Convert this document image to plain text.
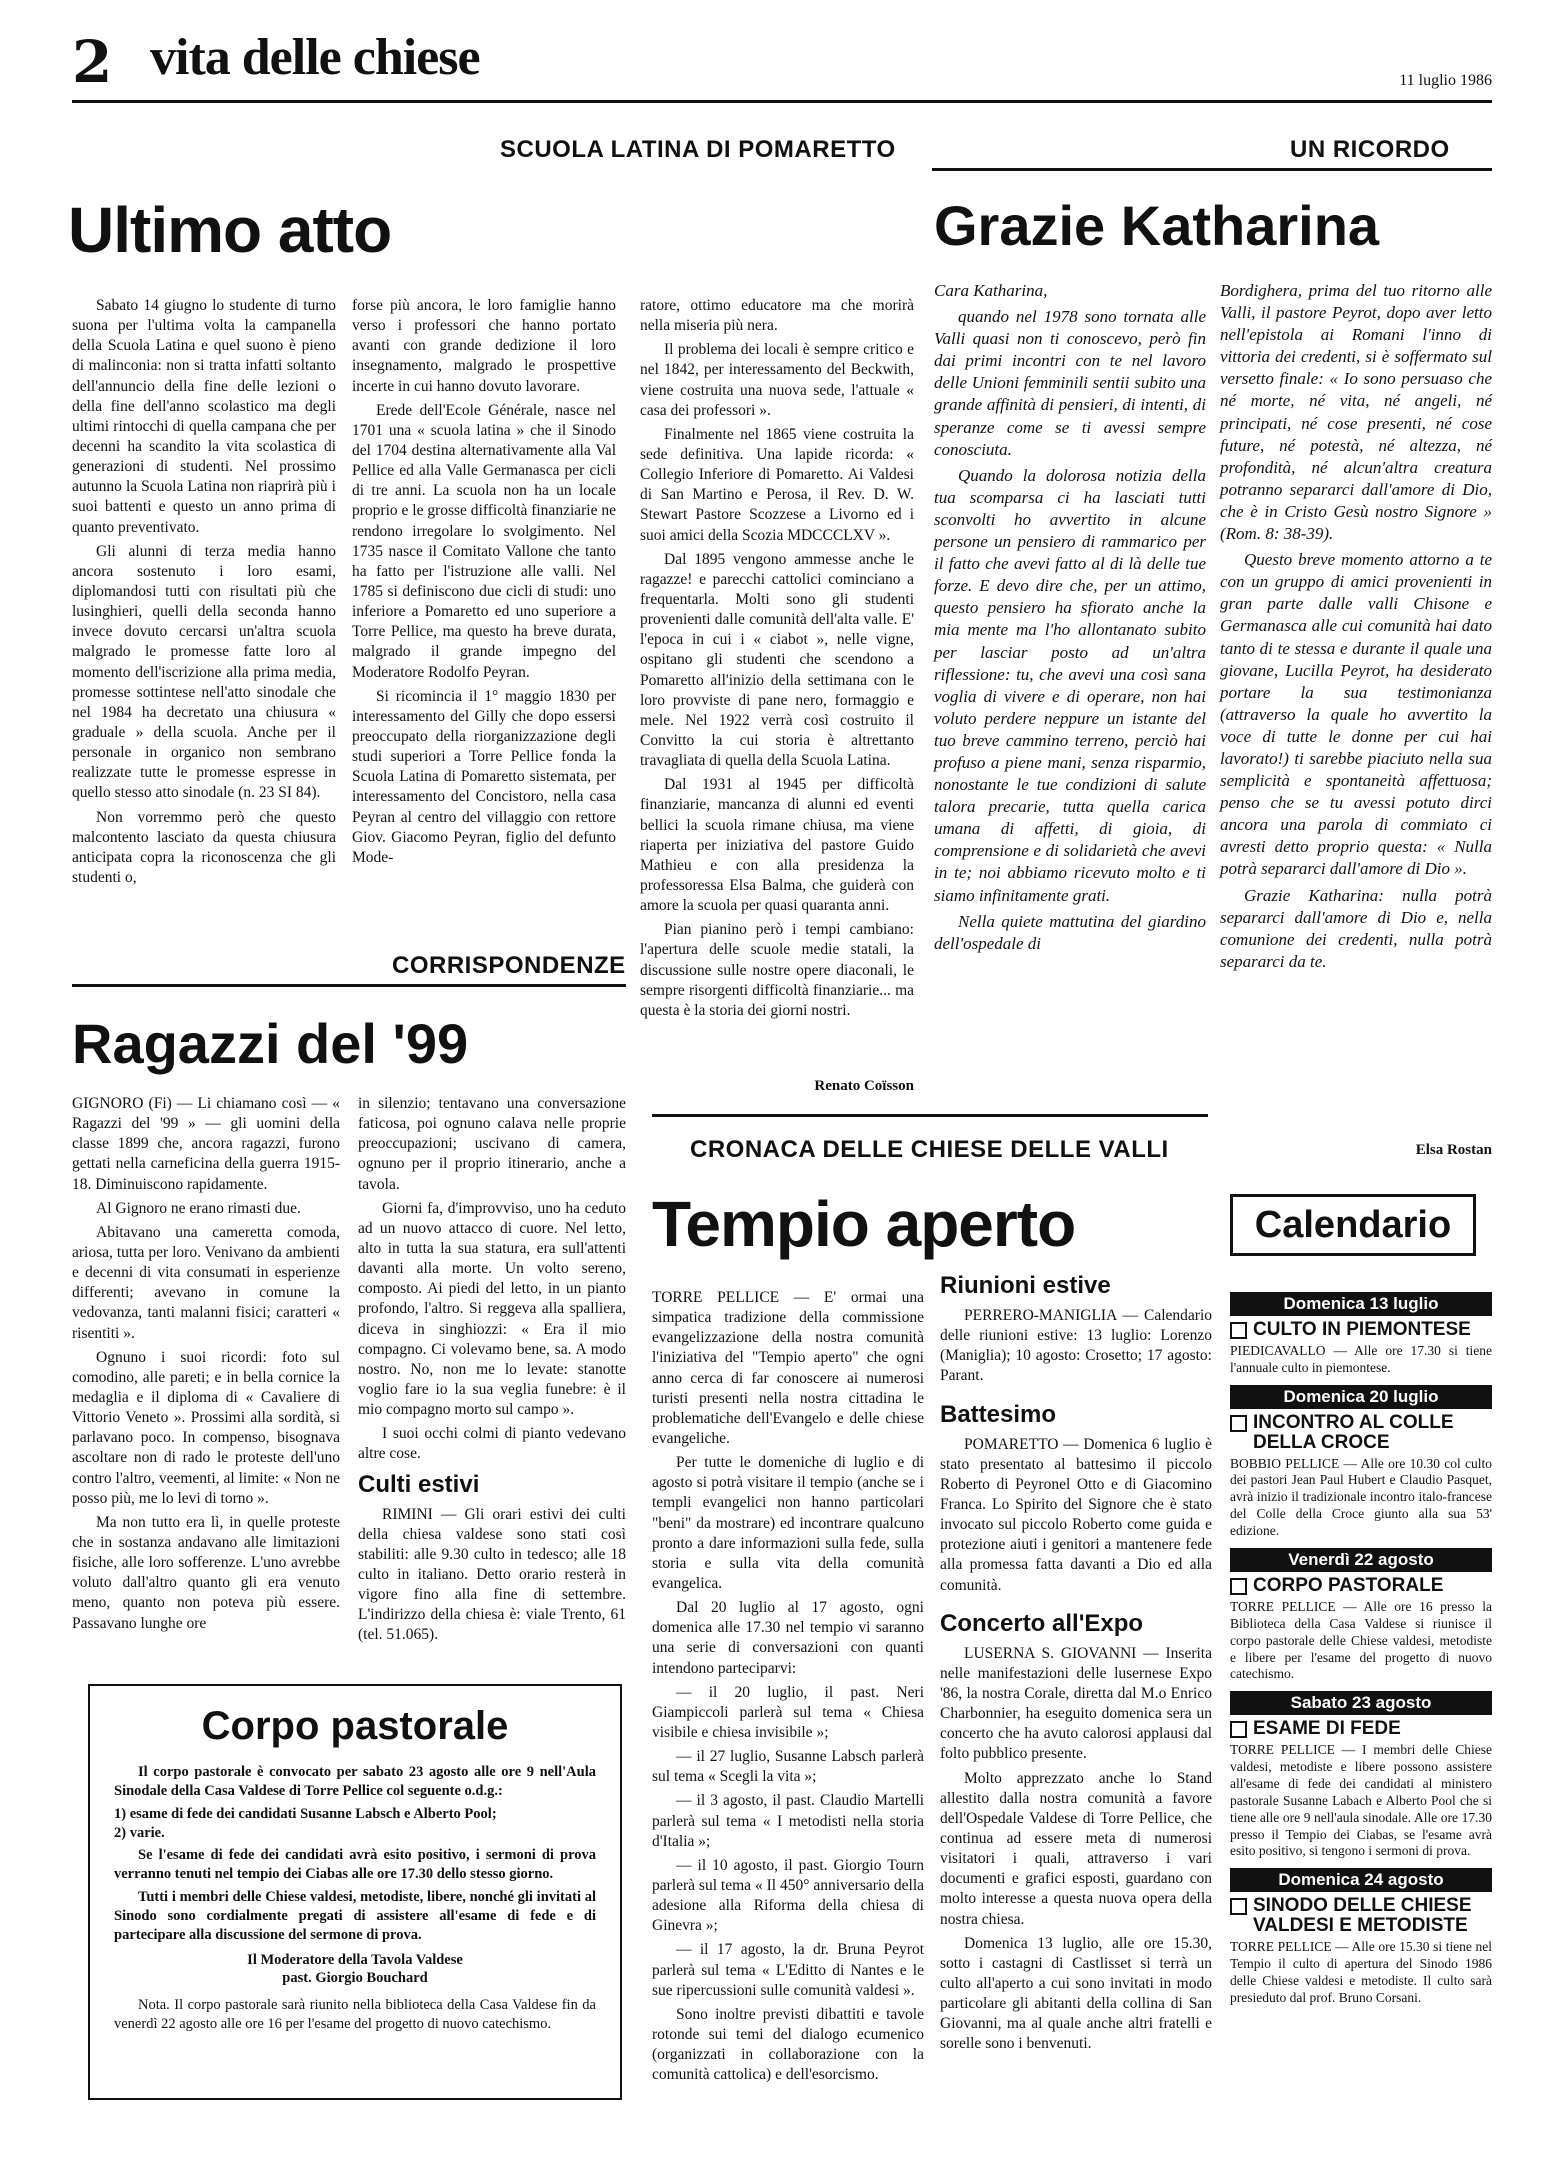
2 vita delle chiese	11 luglio 1986
SCUOLA LATINA DI POMARETTO
Ultimo atto

Sabato 14 giugno lo studente di turno suona per l'ultima volta la campanella della Scuola Latina e quel suono è pieno di malinconia: non si tratta infatti soltanto dell'annuncio della fine delle lezioni o della fine dell'anno scolastico ma degli ultimi rintocchi di quella campana che per decenni ha scandito la vita scolastica di generazioni di studenti. Nel prossimo autunno la Scuola Latina non riaprirà più i suoi battenti e questo un anno prima di quanto preventivato.

Gli alunni di terza media hanno ancora sostenuto i loro esami, diplomandosi tutti con risultati più che lusinghieri, quelli della seconda hanno invece dovuto cercarsi un'altra scuola malgrado le promesse fatte loro al momento dell'iscrizione alla prima media, promesse sottintese nell'atto sinodale che nel 1984 ha decretato una chiusura « graduale » della scuola. Anche per il personale in organico non sembrano realizzate tutte le promesse espresse in quello stesso atto sinodale (n. 23 SI 84).

Non vorremmo però che questo malcontento lasciato da questa chiusura anticipata copra la riconoscenza che gli studenti o,

forse più ancora, le loro famiglie hanno verso i professori che hanno portato avanti con grande dedizione il loro insegnamento, malgrado le prospettive incerte in cui hanno dovuto lavorare.

Erede dell'Ecole Générale, nasce nel 1701 una « scuola latina » che il Sinodo del 1704 destina alternativamente alla Val Pellice ed alla Valle Germanasca per cicli di tre anni. La scuola non ha un locale proprio e le grosse difficoltà finanziarie ne rendono irregolare lo svolgimento. Nel 1735 nasce il Comitato Vallone che tanto ha fatto per l'istruzione alle valli. Nel 1785 si definiscono due cicli di studi: uno inferiore a Pomaretto ed uno superiore a Torre Pellice, ma questo ha breve durata, malgrado il grande impegno del Moderatore Rodolfo Peyran.

Si ricomincia il 1° maggio 1830 per interessamento del Gilly che dopo essersi preoccupato della riorganizzazione degli studi superiori a Torre Pellice fonda la Scuola Latina di Pomaretto sistemata, per interessamento del Concistoro, nella casa Peyran al centro del villaggio con rettore Giov. Giacomo Peyran, figlio del defunto Mode-

ratore, ottimo educatore ma che morirà nella miseria più nera.

Il problema dei locali è sempre critico e nel 1842, per interessamento del Beckwith, viene costruita una nuova sede, l'attuale « casa dei professori ».

Finalmente nel 1865 viene costruita la sede definitiva. Una lapide ricorda: « Collegio Inferiore di Pomaretto. Ai Valdesi di San Martino e Perosa, il Rev. D. W. Stewart Pastore Scozzese a Livorno ed i suoi amici della Scozia MDCCCLXV ».

Dal 1895 vengono ammesse anche le ragazze! e parecchi cattolici cominciano a frequentarla. Molti sono gli studenti provenienti dalle comunità dell'alta valle. E' l'epoca in cui i « ciabot », nelle vigne, ospitano gli studenti che scendono a Pomaretto all'inizio della settimana con le loro provviste di pane nero, formaggio e mele. Nel 1922 verrà così costruito il Convitto la cui storia è altrettanto travagliata di quella della Scuola Latina.

Dal 1931 al 1945 per difficoltà finanziarie, mancanza di alunni ed eventi bellici la scuola rimane chiusa, ma viene riaperta per iniziativa del pastore Guido Mathieu e con alla presidenza la professoressa Elsa Balma, che guiderà con amore la scuola per quasi quaranta anni.

Pian pianino però i tempi cambiano: l'apertura delle scuole medie statali, la discussione sulle nostre opere diaconali, le sempre risorgenti difficoltà finanziarie... ma questa è la storia dei giorni nostri.

Renato Coïsson
UN RICORDO
Grazie Katharina

Cara Katharina,

quando nel 1978 sono tornata alle Valli quasi non ti conoscevo, però fin dai primi incontri con te nel lavoro delle Unioni femminili sentii subito una grande affinità di pensieri, di intenti, di speranze come se ti avessi sempre conosciuta.

Quando la dolorosa notizia della tua scomparsa ci ha lasciati tutti sconvolti ho avvertito in alcune persone un pensiero di rammarico per il fatto che avevi fatto al di là delle tue forze. E devo dire che, per un attimo, questo pensiero ha sfiorato anche la mia mente ma l'ho allontanato subito per lasciar posto ad un'altra riflessione: tu, che avevi una così sana voglia di vivere e di operare, non hai voluto perdere neppure un istante del tuo breve cammino terreno, perciò hai profuso a piene mani, senza risparmio, nonostante le tue condizioni di salute talora precarie, tutta quella carica umana di affetti, di gioia, di comprensione e di solidarietà che avevi in te; noi abbiamo ricevuto molto e ti siamo infinitamente grati.

Nella quiete mattutina del giardino dell'ospedale di

Bordighera, prima del tuo ritorno alle Valli, il pastore Peyrot, dopo aver letto nell'epistola ai Romani l'inno di vittoria dei credenti, si è soffermato sul versetto finale: « Io sono persuaso che né morte, né vita, né angeli, né principati, né cose presenti, né cose future, né potestà, né altezza, né profondità, né alcun'altra creatura potranno separarci dall'amore di Dio, che è in Cristo Gesù nostro Signore » (Rom. 8: 38-39).

Questo breve momento attorno a te con un gruppo di amici provenienti in gran parte dalle valli Chisone e Germanasca alle cui comunità hai dato tanto di te stessa e durante il quale una giovane, Lucilla Peyrot, ha desiderato portare la sua testimonianza (attraverso la quale ho avvertito la voce di tutte le donne per cui hai lavorato!) ti sarebbe piaciuto nella sua semplicità e spontaneità affettuosa; penso che se tu avessi potuto dirci ancora una parola di commiato ci avresti detto proprio questa: « Nulla potrà separarci dall'amore di Dio ».

Grazie Katharina: nulla potrà separarci dall'amore di Dio e, nella comunione dei credenti, nulla potrà separarci da te.

Elsa Rostan
CORRISPONDENZE
Ragazzi del '99

GIGNORO (Fi) — Li chiamano così — « Ragazzi del '99 » — gli uomini della classe 1899 che, ancora ragazzi, furono gettati nella carneficina della guerra 1915-18. Diminuiscono rapidamente.

Al Gignoro ne erano rimasti due.

Abitavano una cameretta comoda, ariosa, tutta per loro. Venivano da ambienti e decenni di vita consumati in esperienze differenti; avevano in comune la vedovanza, tanti malanni fisici; caratteri « risentiti ».

Ognuno i suoi ricordi: foto sul comodino, alle pareti; e in bella cornice la medaglia e il diploma di « Cavaliere di Vittorio Veneto ». Prossimi alla sordità, si parlavano poco. In compenso, bisognava ascoltare non di rado le proteste dell'uno contro l'altro, veementi, al limite: « Non ne posso più, me lo levi di torno ».

Ma non tutto era lì, in quelle proteste che in sostanza andavano alle limitazioni fisiche, alle loro sofferenze. L'uno avrebbe voluto dall'altro quanto gli era venuto meno, quanto non poteva più essere. Passavano lunghe ore

in silenzio; tentavano una conversazione faticosa, poi ognuno calava nelle proprie preoccupazioni; uscivano di camera, ognuno per il proprio itinerario, anche a tavola.

Giorni fa, d'improvviso, uno ha ceduto ad un nuovo attacco di cuore. Nel letto, alto in tutta la sua statura, era sull'attenti davanti alla morte. Un volto sereno, composto. Ai piedi del letto, in un pianto profondo, l'altro. Si reggeva alla spalliera, diceva in singhiozzi: « Era il mio compagno. Ci volevamo bene, sa. A modo nostro. No, non me lo levate: stanotte voglio fare io la sua veglia funebre: è il mio compagno morto sul campo ».

I suoi occhi colmi di pianto vedevano altre cose.

Culti estivi

RIMINI — Gli orari estivi dei culti della chiesa valdese sono stati così stabiliti: alle 9.30 culto in tedesco; alle 18 culto in italiano. Detto orario resterà in vigore fino alla fine di settembre. L'indirizzo della chiesa è: viale Trento, 61 (tel. 51.065).

Corpo pastorale

Il corpo pastorale è convocato per sabato 23 agosto alle ore 9 nell'Aula Sinodale della Casa Valdese di Torre Pellice col seguente o.d.g.:

1) esame di fede dei candidati Susanne Labsch e Alberto Pool;

2) varie.

Se l'esame di fede dei candidati avrà esito positivo, i sermoni di prova verranno tenuti nel tempio dei Ciabas alle ore 17.30 dello stesso giorno.

Tutti i membri delle Chiese valdesi, metodiste, libere, nonché gli invitati al Sinodo sono cordialmente pregati di assistere all'esame di fede e di partecipare alla discussione del sermone di prova.

Il Moderatore della Tavola Valdese

past. Giorgio Bouchard

Nota. Il corpo pastorale sarà riunito nella biblioteca della Casa Valdese fin da venerdì 22 agosto alle ore 16 per l'esame del progetto di nuovo catechismo.

CRONACA DELLE CHIESE DELLE VALLI
Tempio aperto

TORRE PELLICE — E' ormai una simpatica tradizione della commissione evangelizzazione della nostra comunità l'iniziativa del "Tempio aperto" che ogni anno cerca di far conoscere ai numerosi turisti presenti nella nostra cittadina le problematiche dell'Evangelo e delle chiese evangeliche.

Per tutte le domeniche di luglio e di agosto si potrà visitare il tempio (anche se i templi evangelici non hanno particolari "beni" da mostrare) ed incontrare qualcuno pronto a dare informazioni sulla fede, sulla storia e sulla vita della comunità evangelica.

Dal 20 luglio al 17 agosto, ogni domenica alle 17.30 nel tempio vi saranno una serie di conversazioni con quanti intendono parteciparvi:

— il 20 luglio, il past. Neri Giampiccoli parlerà sul tema « Chiesa visibile e chiesa invisibile »;

— il 27 luglio, Susanne Labsch parlerà sul tema « Scegli la vita »;

— il 3 agosto, il past. Claudio Martelli parlerà sul tema « I metodisti nella storia d'Italia »;

— il 10 agosto, il past. Giorgio Tourn parlerà sul tema « Il 450° anniversario della adesione alla Riforma della chiesa di Ginevra »;

— il 17 agosto, la dr. Bruna Peyrot parlerà sul tema « L'Editto di Nantes e le sue ripercussioni sulle comunità valdesi ».

Sono inoltre previsti dibattiti e tavole rotonde sui temi del dialogo ecumenico (organizzati in collaborazione con la comunità cattolica) e dell'esorcismo.

Riunioni estive

PERRERO-MANIGLIA — Calendario delle riunioni estive: 13 luglio: Lorenzo (Maniglia); 10 agosto: Crosetto; 17 agosto: Parant.

Battesimo

POMARETTO — Domenica 6 luglio è stato presentato al battesimo il piccolo Roberto di Peyronel Otto e di Giacomino Franca. Lo Spirito del Signore che è stato invocato sul piccolo Roberto come guida e protezione aiuti i genitori a mantenere fede alla promessa fatta davanti a Dio ed alla comunità.

Concerto all'Expo

LUSERNA S. GIOVANNI — Inserita nelle manifestazioni delle lusernese Expo '86, la nostra Corale, diretta dal M.o Enrico Charbonnier, ha eseguito domenica sera un concerto che ha avuto calorosi applausi dal folto pubblico presente.

Molto apprezzato anche lo Stand allestito dalla nostra comunità a favore dell'Ospedale Valdese di Torre Pellice, che continua ad essere meta di numerosi visitatori i quali, attraverso i vari documenti e grafici esposti, guardano con molto interesse a questa nuova opera della nostra chiesa.

Domenica 13 luglio, alle ore 15.30, sotto i castagni di Castlisset si terrà un culto all'aperto a cui sono invitati in modo particolare gli abitanti della collina di San Giovanni, ma al quale anche altri fratelli e sorelle sono i benvenuti.

Calendario
Domenica 13 luglio
CULTO IN PIEMONTESE
PIEDICAVALLO — Alle ore 17.30 si tiene l'annuale culto in piemontese.
Domenica 20 luglio
INCONTRO AL COLLE DELLA CROCE
BOBBIO PELLICE — Alle ore 10.30 col culto dei pastori Jean Paul Hubert e Claudio Pasquet, avrà inizio il tradizionale incontro italo-francese del Colle della Croce giunto alla sua 53' edizione.
Venerdì 22 agosto
CORPO PASTORALE
TORRE PELLICE — Alle ore 16 presso la Biblioteca della Casa Valdese si riunisce il corpo pastorale delle Chiese valdesi, metodiste e libere per l'esame del progetto di nuovo catechismo.
Sabato 23 agosto
ESAME DI FEDE
TORRE PELLICE — I membri delle Chiese valdesi, metodiste e libere possono assistere all'esame di fede dei candidati al ministero pastorale Susanne Labach e Alberto Pool che si tiene alle ore 9 nell'aula sinodale. Alle ore 17.30 presso il Tempio dei Ciabas, se l'esame avrà esito positivo, si tengono i sermoni di prova.
Domenica 24 agosto
SINODO DELLE CHIESE VALDESI E METODISTE
TORRE PELLICE — Alle ore 15.30 si tiene nel Tempio il culto di apertura del Sinodo 1986 delle Chiese valdesi e metodiste. Il culto sarà presieduto dal prof. Bruno Corsani.
